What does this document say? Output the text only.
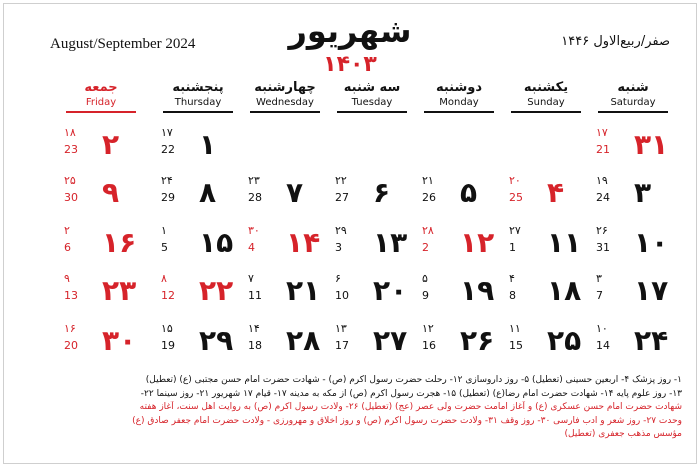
August/September 2024	صفر/ربیع‌الاول ۱۴۴۶
شهریور
۱۴۰۳
شنبه
Saturday
یکشنبه
Sunday
دوشنبه
Monday
سه شنبه
Tuesday
چهارشنبه
Wednesday
پنجشنبه
Thursday
جمعه
Friday
۱۷
21 ۳۱
۱۷
22 ۱
۱۸
23 ۲
۱۹
24 ۳
۲۰
25 ۴
۲۱
26 ۵
۲۲
27 ۶
۲۳
28 ۷
۲۴
29 ۸
۲۵
30 ۹
۲۶
31 ۱۰
۲۷
1 ۱۱
۲۸
2 ۱۲
۲۹
3 ۱۳
۳۰
4 ۱۴
۱
5 ۱۵
۲
6 ۱۶
۳
7 ۱۷
۴
8 ۱۸
۵
9 ۱۹
۶
10 ۲۰
۷
11 ۲۱
۸
12 ۲۲
۹
13 ۲۳
۱۰
14 ۲۴
۱۱
15 ۲۵
۱۲
16 ۲۶
۱۳
17 ۲۷
۱۴
18 ۲۸
۱۵
19 ۲۹
۱۶
20 ۳۰
۱- روز پزشک ۴- اربعین حسینی (تعطیل) ۵- روز داروسازی ۱۲- رحلت حضرت رسول اکرم (ص) - شهادت حضرت امام حسن مجتبی (ع) (تعطیل)
۱۳- روز علوم پایه ۱۴- شهادت حضرت امام رضا(ع) (تعطیل) ۱۵- هجرت رسول اکرم (ص) از مکه به مدینه ۱۷- قیام ۱۷ شهریور ۲۱- روز سینما ۲۲-
شهادت حضرت امام حسن عسکری (ع) و آغاز امامت حضرت ولی عصر (عج) (تعطیل) ۲۶- ولادت رسول اکرم (ص) به روایت اهل سنت، آغاز هفته
وحدت ۲۷- روز شعر و ادب فارسی ۳۰- روز وقف ۳۱- ولادت حضرت رسول اکرم (ص) و روز اخلاق و مهرورزی - ولادت حضرت امام جعفر صادق (ع)
مؤسس مذهب جعفری (تعطیل)
